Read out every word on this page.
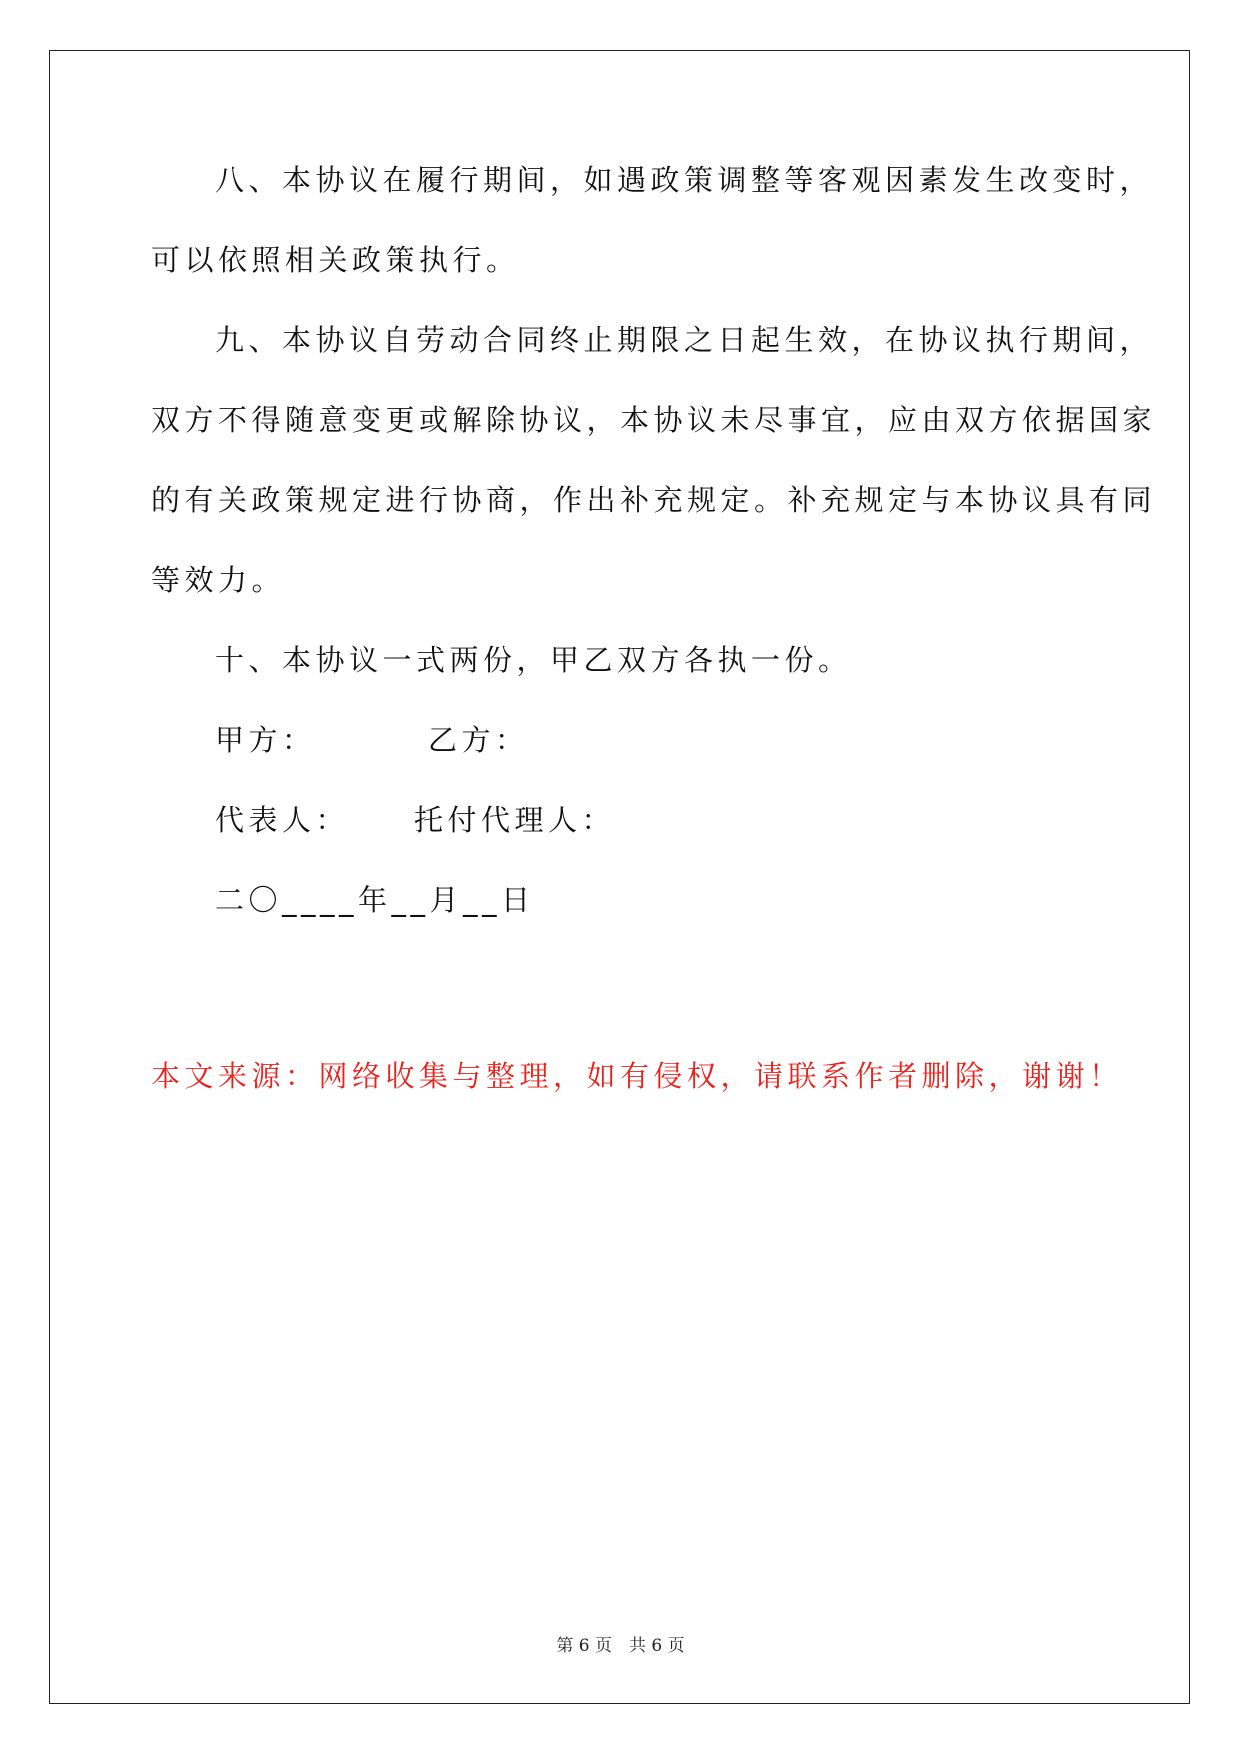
八、本协议在履行期间，如遇政策调整等客观因素发生改变时，
可以依照相关政策执行。
九、本协议自劳动合同终止期限之日起生效，在协议执行期间，
双方不得随意变更或解除协议，本协议未尽事宜，应由双方依据国家
的有关政策规定进行协商，作出补充规定。补充规定与本协议具有同
等效力。
十、本协议一式两份，甲乙双方各执一份。
甲方：	乙方：
代表人： 托付代理人：
二〇____年__月__日
本文来源：网络收集与整理，如有侵权，请联系作者删除，谢谢！
第 6 页　共 6 页
